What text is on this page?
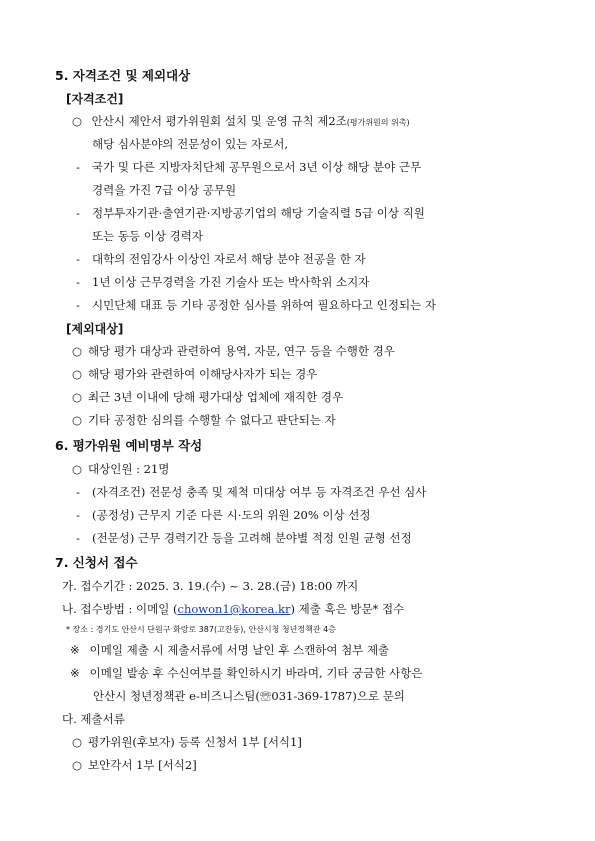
5. 자격조건 및 제외대상
[자격조건]
○ 안산시 제안서 평가위원회 설치 및 운영 규칙 제2조(평가위원의 위촉)
해당 심사분야의 전문성이 있는 자로서,
- 국가 및 다른 지방자치단체 공무원으로서 3년 이상 해당 분야 근무
경력을 가진 7급 이상 공무원
- 정부투자기관·출연기관·지방공기업의 해당 기술직렬 5급 이상 직원
또는 동등 이상 경력자
- 대학의 전임강사 이상인 자로서 해당 분야 전공을 한 자
- 1년 이상 근무경력을 가진 기술사 또는 박사학위 소지자
- 시민단체 대표 등 기타 공정한 심사를 위하여 필요하다고 인정되는 자
[제외대상]
○ 해당 평가 대상과 관련하여 용역, 자문, 연구 등을 수행한 경우
○ 해당 평가와 관련하여 이해당사자가 되는 경우
○ 최근 3년 이내에 당해 평가대상 업체에 재직한 경우
○ 기타 공정한 심의를 수행할 수 없다고 판단되는 자
6. 평가위원 예비명부 작성
○ 대상인원 : 21명
- (자격조건) 전문성 충족 및 제척 미대상 여부 등 자격조건 우선 심사
- (공정성) 근무지 기준 다른 시·도의 위원 20% 이상 선정
- (전문성) 근무 경력기간 등을 고려해 분야별 적정 인원 균형 선정
7. 신청서 접수
가. 접수기간 : 2025. 3. 19.(수) ~ 3. 28.(금) 18:00 까지
나. 접수방법 : 이메일 (chowon1@korea.kr) 제출 혹은 방문* 접수
* 장소 : 경기도 안산시 단원구 화랑로 387(고잔동), 안산시청 청년정책관 4층
※ 이메일 제출 시 제출서류에 서명 날인 후 스캔하여 첨부 제출
※ 이메일 발송 후 수신여부를 확인하시기 바라며, 기타 궁금한 사항은
안산시 청년정책관 e-비즈니스팀(☏031-369-1787)으로 문의
다. 제출서류
○ 평가위원(후보자) 등록 신청서 1부 [서식1]
○ 보안각서 1부 [서식2]
